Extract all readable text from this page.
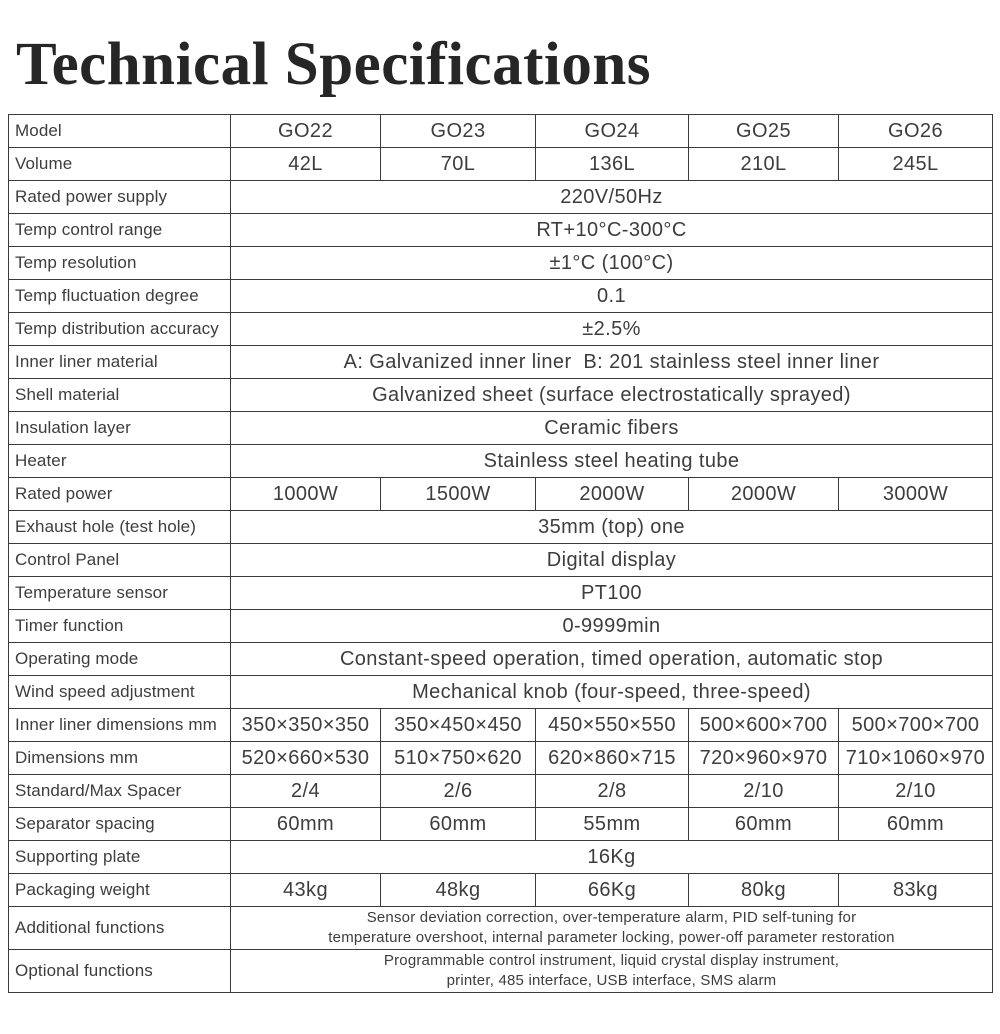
Technical Specifications
Model	GO22	GO23	GO24	GO25	GO26
Volume	42L	70L	136L	210L	245L
Rated power supply	220V/50Hz				
Temp control range	RT+10°C-300°C				
Temp resolution	±1°C (100°C)				
Temp fluctuation degree	0.1				
Temp distribution accuracy	±2.5%				
Inner liner material	A: Galvanized inner liner  B: 201 stainless steel inner liner				
Shell material	Galvanized sheet (surface electrostatically sprayed)				
Insulation layer	Ceramic fibers				
Heater	Stainless steel heating tube				
Rated power	1000W	1500W	2000W	2000W	3000W
Exhaust hole (test hole)	35mm (top) one				
Control Panel	Digital display				
Temperature sensor	PT100				
Timer function	0-9999min				
Operating mode	Constant-speed operation, timed operation, automatic stop				
Wind speed adjustment	Mechanical knob (four-speed, three-speed)				
Inner liner dimensions mm	350×350×350	350×450×450	450×550×550	500×600×700	500×700×700
Dimensions mm	520×660×530	510×750×620	620×860×715	720×960×970	710×1060×970
Standard/Max Spacer	2/4	2/6	2/8	2/10	2/10
Separator spacing	60mm	60mm	55mm	60mm	60mm
Supporting plate	16Kg				
Packaging weight	43kg	48kg	66Kg	80kg	83kg
Additional functions	Sensor deviation correction, over-temperature alarm, PID self-tuning for
temperature overshoot, internal parameter locking, power-off parameter restoration				
Optional functions	Programmable control instrument, liquid crystal display instrument,
printer, 485 interface, USB interface, SMS alarm				
